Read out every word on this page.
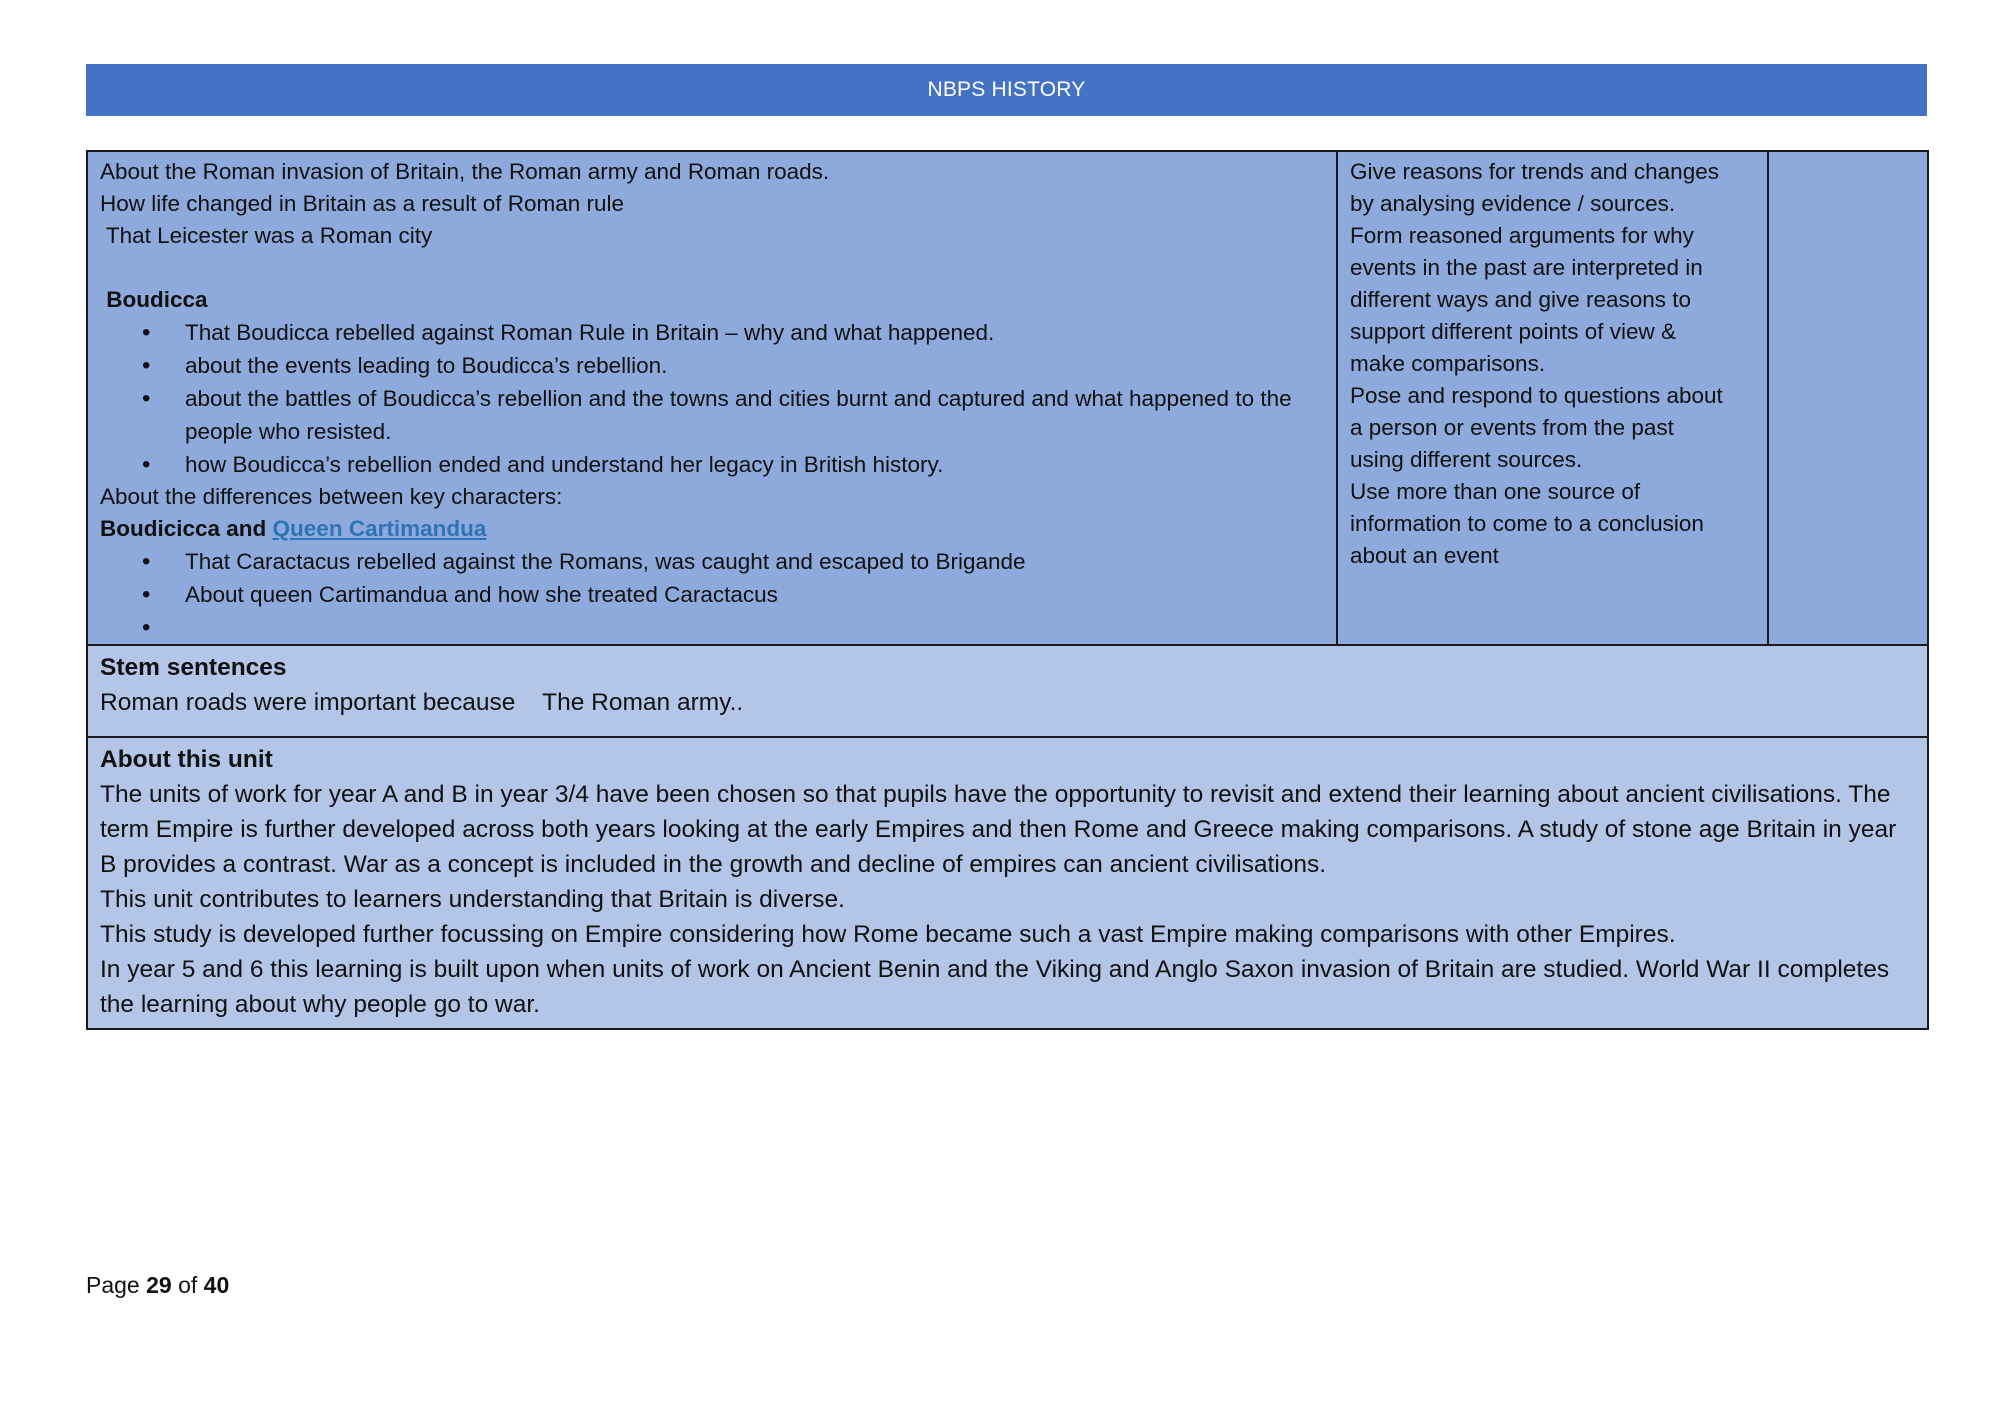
NBPS HISTORY
About the Roman invasion of Britain, the Roman army and Roman roads.
How life changed in Britain as a result of Roman rule
That Leicester was a Roman city
Boudicca
• That Boudicca rebelled against Roman Rule in Britain – why and what happened.
• about the events leading to Boudicca’s rebellion.
• about the battles of Boudicca’s rebellion and the towns and cities burnt and captured and what happened to the people who resisted.
• how Boudicca’s rebellion ended and understand her legacy in British history.
About the differences between key characters:
Boudicicca and Queen Cartimandua
• That Caractacus rebelled against the Romans, was caught and escaped to Brigande
• About queen Cartimandua and how she treated Caractacus
•

Give reasons for trends and changes
by analysing evidence / sources.
Form reasoned arguments for why
events in the past are interpreted in
different ways and give reasons to
support different points of view &
make comparisons.
Pose and respond to questions about
a person or events from the past
using different sources.
Use more than one source of
information to come to a conclusion
about an event

Stem sentences
Roman roads were important because    The Roman army..

About this unit
The units of work for year A and B in year 3/4 have been chosen so that pupils have the opportunity to revisit and extend their learning about ancient civilisations. The term Empire is further developed across both years looking at the early Empires and then Rome and Greece making comparisons. A study of stone age Britain in year B provides a contrast. War as a concept is included in the growth and decline of empires can ancient civilisations.
This unit contributes to learners understanding that Britain is diverse.
This study is developed further focussing on Empire considering how Rome became such a vast Empire making comparisons with other Empires.
In year 5 and 6 this learning is built upon when units of work on Ancient Benin and the Viking and Anglo Saxon invasion of Britain are studied. World War II completes the learning about why people go to war.
Page 29 of 40
